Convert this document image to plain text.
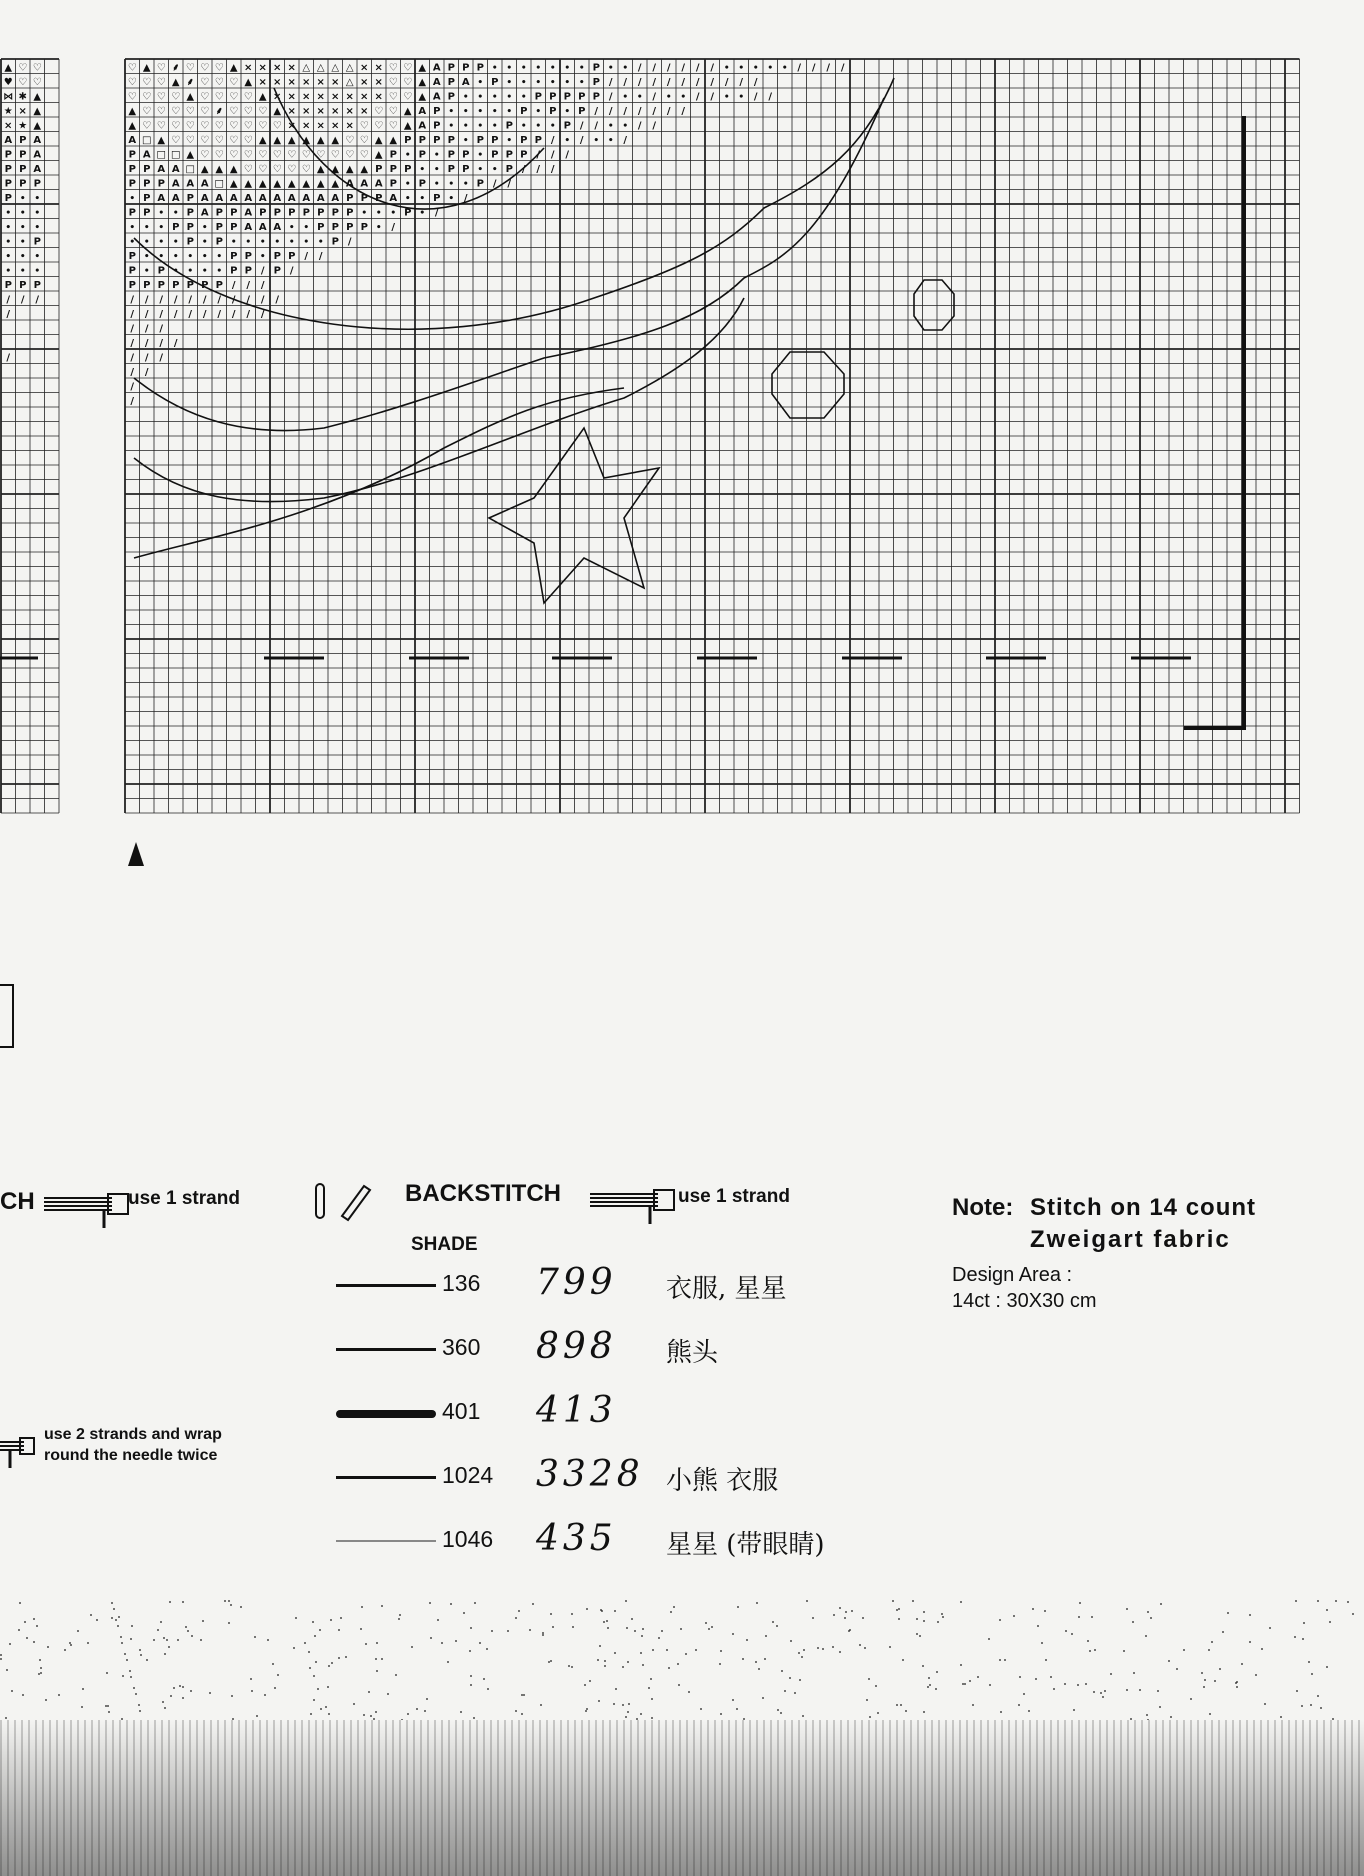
▲ ♡ ♡
♥ ♡ ♡
⋈ ✱ ▲
★ × ▲
× ★ ▲
A P A
P P A
P P A
P P P
P • •
• • •
• • •
• • P
• • •
• • •
P P P
/ / /
/
/
♡ ▲ ♡ ⸙ ♡ ♡ ♡ ▲ × × × × △ △ △ △ × × ♡ ♡ ▲ A P P P • • • • • • • P • • / / / / / / • • • • • / / / /
♡ ♡ ♡ ▲ ⸙ ♡ ♡ ♡ ▲ × × × × × × △ × × ♡ ♡ ▲ A P A • P • • • • • • P / / / / / / / / / / /
♡ ♡ ♡ ♡ ▲ ♡ ♡ ♡ ♡ ▲ × × × × × × × × ♡ ♡ ▲ A P • • • • • P P P P P / • • / • • / / • • / /
▲ ♡ ♡ ♡ ♡ ♡ ⸙ ♡ ♡ ♡ ▲ × × × × × × ♡ ♡ ▲ A P • • • • • P • P • P / / / / / / /
▲ ♡ ♡ ♡ ♡ ♡ ♡ ♡ ♡ ♡ ♡ × × × × × ♡ ♡ ♡ ▲ A P • • • • P • • • P / / • • / /
A □ ▲ ♡ ♡ ♡ ♡ ♡ ♡ ▲ ▲ ▲ ▲ ▲ ▲ ♡ ♡ ▲ ▲ P P P P • P P • P P / • / • • /
P A □ □ ▲ ♡ ♡ ♡ ♡ ♡ ♡ ♡ ♡ ♡ ♡ ♡ ♡ ▲ P • P • P P • P P P / / /
P P A A □ ▲ ▲ ▲ ♡ ♡ ♡ ♡ ♡ ▲ ▲ ▲ ▲ P P P • • P P • • P / / /
P P P A A A □ ▲ ▲ ▲ ▲ ▲ ▲ ▲ ▲ A A A P • P • • • P / /
• P A A P A A A A A A A A A A P P P A • • P • /
P P • • P A P P A P P P P P P P • • • P • /
• • • P P • P P A A A • • P P P P • /
• • • • P • P • • • • • • • P /
P • • • • • • P P • P P / /
P • P • • • • P P / P /
P P P P P P P / / /
/ / / / / / / / / / /
/ / / / / / / / / /
/ / /
/ / / /
/ / /
/ /
/
/
CH	use 1 strand
use 2 strands and wrap round the needle twice
BACKSTITCH	use 1 strand
SHADE
136 799 衣服, 星星
360 898 熊头
401 413
1024 3328 小熊 衣服
1046 435 星星 (带眼睛)
Note: Stitch on 14 count
Zweigart fabric
Design Area :
14ct : 30X30 cm
